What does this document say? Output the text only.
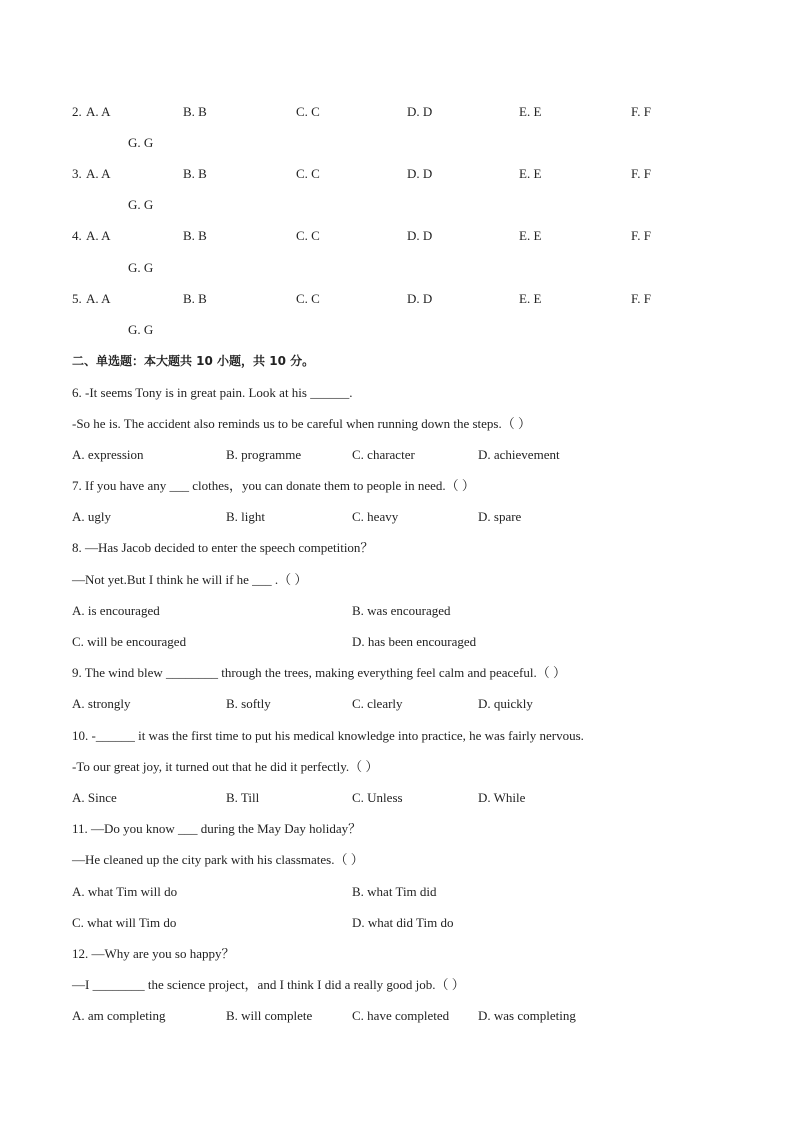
2. A. A	B. B	C. C	D. D	E. E	F. F
G. G
3. A. A	B. B	C. C	D. D	E. E	F. F
G. G
4. A. A	B. B	C. C	D. D	E. E	F. F
G. G
5. A. A	B. B	C. C	D. D	E. E	F. F
G. G
二、单选题：本大题共 10 小题，共 10 分。
6. -It seems Tony is in great pain. Look at his ______.
-So he is. The accident also reminds us to be careful when running down the steps.（ ）
A. expression	B. programme	C. character	D. achievement
7. If you have any ___ clothes，you can donate them to people in need.（ ）
A. ugly	B. light	C. heavy	D. spare
8. —Has Jacob decided to enter the speech competition？
—Not yet.But I think he will if he ___ .（ ）
A. is encouraged	B. was encouraged
C. will be encouraged	D. has been encouraged
9. The wind blew ________ through the trees, making everything feel calm and peaceful.（ ）
A. strongly	B. softly	C. clearly	D. quickly
10. -______ it was the first time to put his medical knowledge into practice, he was fairly nervous.
-To our great joy, it turned out that he did it perfectly.（ ）
A. Since	B. Till	C. Unless	D. While
11. —Do you know ___ during the May Day holiday？
—He cleaned up the city park with his classmates.（ ）
A. what Tim will do	B. what Tim did
C. what will Tim do	D. what did Tim do
12. —Why are you so happy？
—I ________ the science project，and I think I did a really good job.（ ）
A. am completing	B. will complete	C. have completed D. was completing
